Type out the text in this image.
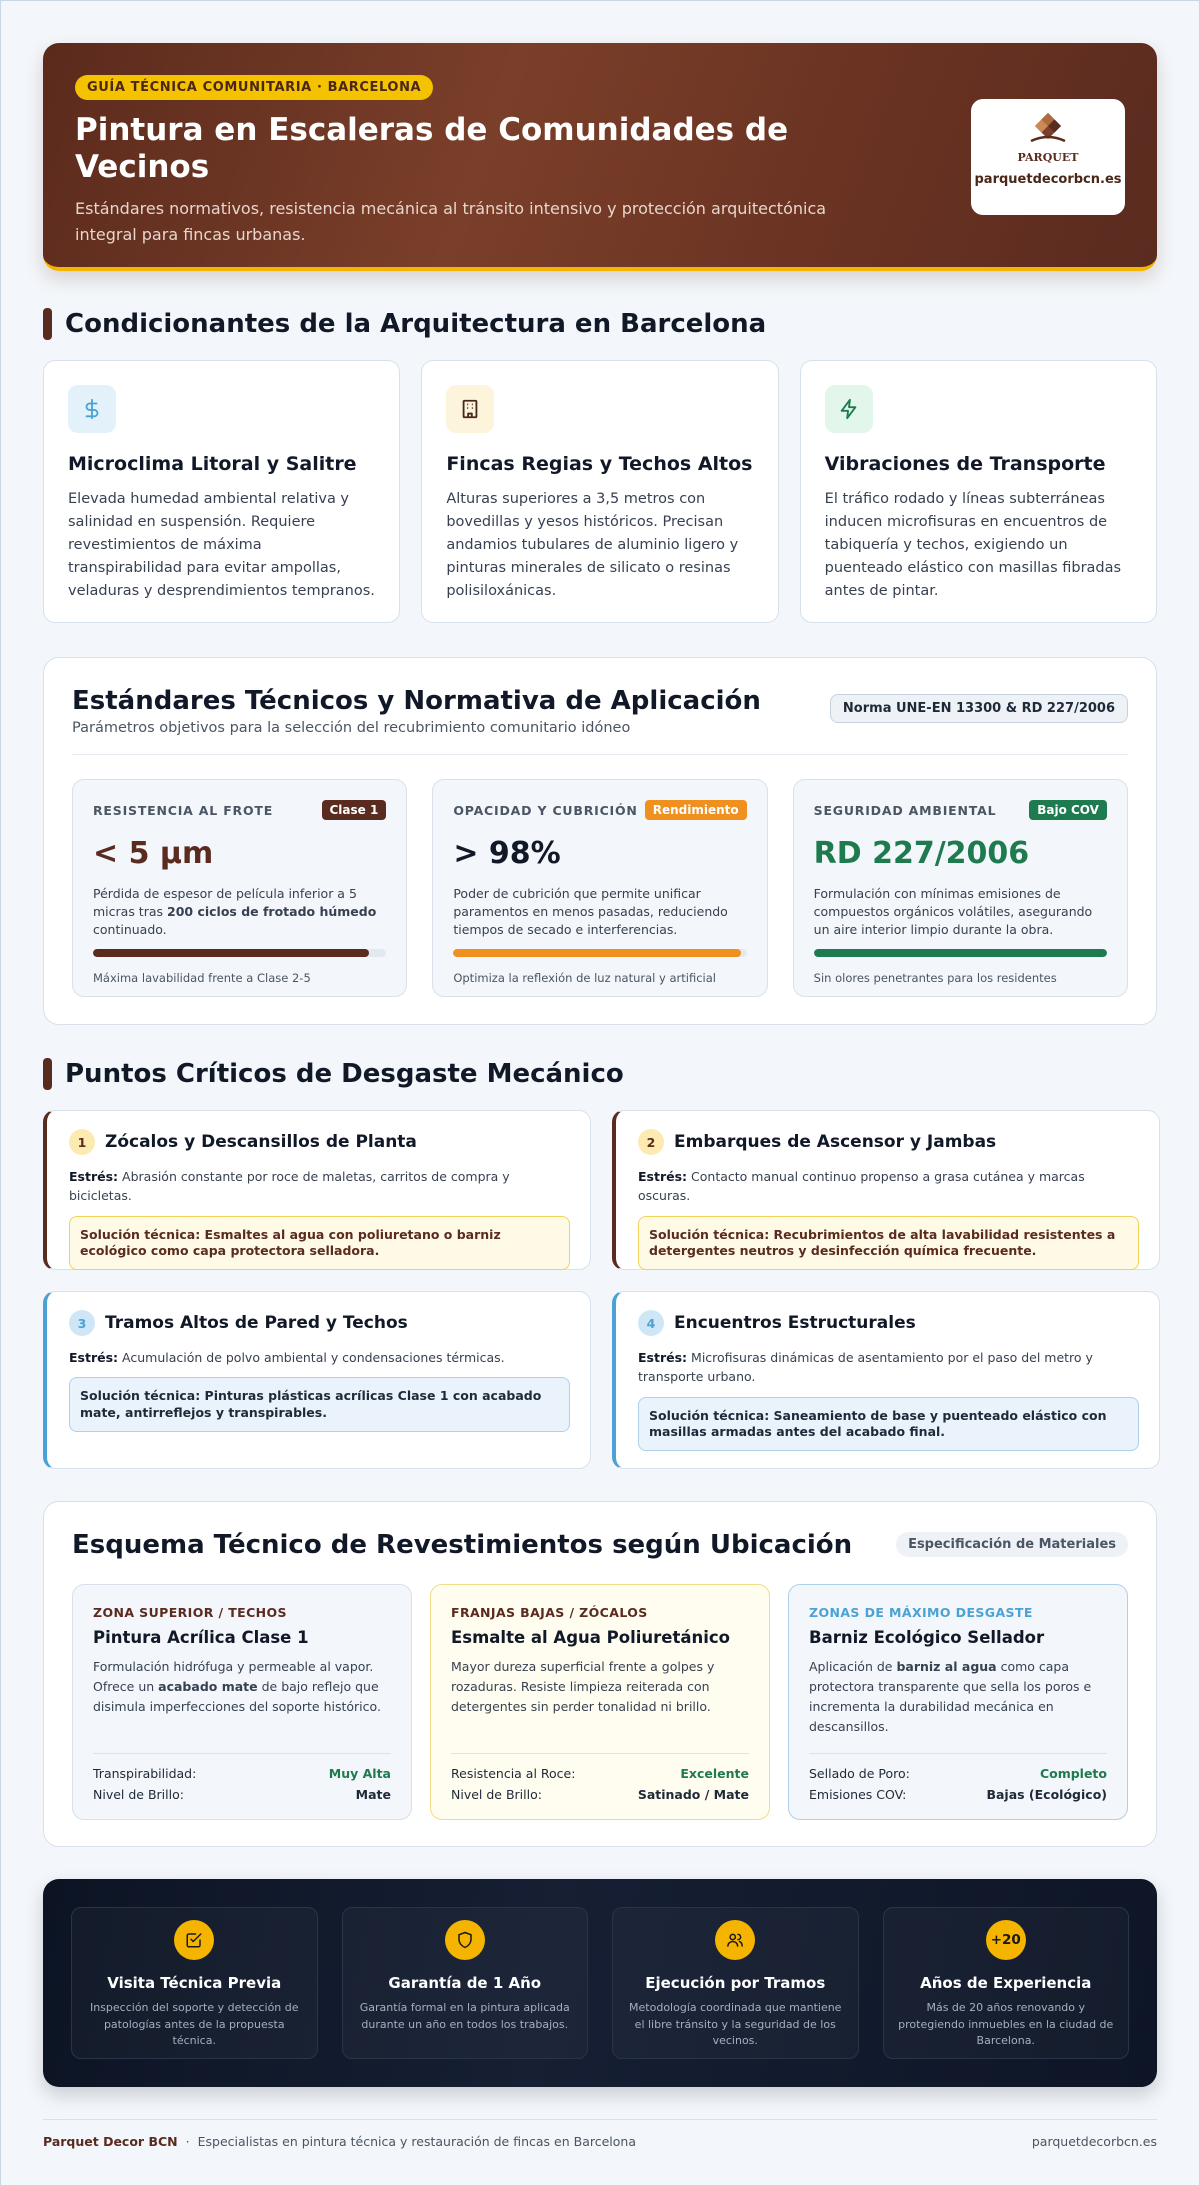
GUÍA TÉCNICA COMUNITARIA · BARCELONA
Pintura en Escaleras de Comunidades de Vecinos

Estándares normativos, resistencia mecánica al tránsito intensivo y protección arquitectónica integral para fincas urbanas.

PARQUET
parquetdecorbcn.es
Condicionantes de la Arquitectura en Barcelona
Microclima Litoral y Salitre

Elevada humedad ambiental relativa y salinidad en suspensión. Requiere revestimientos de máxima transpirabilidad para evitar ampollas, veladuras y desprendimientos tempranos.

Fincas Regias y Techos Altos

Alturas superiores a 3,5 metros con bovedillas y yesos históricos. Precisan andamios tubulares de aluminio ligero y pinturas minerales de silicato o resinas polisiloxánicas.

Vibraciones de Transporte

El tráfico rodado y líneas subterráneas inducen microfisuras en encuentros de tabiquería y techos, exigiendo un puenteado elástico con masillas fibradas antes de pintar.

Estándares Técnicos y Normativa de Aplicación
Parámetros objetivos para la selección del recubrimiento comunitario idóneo
Norma UNE-EN 13300 & RD 227/2006
RESISTENCIA AL FROTE	Clase 1
< 5 µm
Pérdida de espesor de película inferior a 5 micras tras 200 ciclos de frotado húmedo continuado.
Máxima lavabilidad frente a Clase 2-5
OPACIDAD Y CUBRICIÓN	Rendimiento
> 98%
Poder de cubrición que permite unificar paramentos en menos pasadas, reduciendo tiempos de secado e interferencias.
Optimiza la reflexión de luz natural y artificial
SEGURIDAD AMBIENTAL	Bajo COV
RD 227/2006
Formulación con mínimas emisiones de compuestos orgánicos volátiles, asegurando un aire interior limpio durante la obra.
Sin olores penetrantes para los residentes
Puntos Críticos de Desgaste Mecánico
1	Zócalos y Descansillos de Planta
Estrés: Abrasión constante por roce de maletas, carritos de compra y bicicletas.
Solución técnica: Esmaltes al agua con poliuretano o barniz ecológico como capa protectora selladora.
2	Embarques de Ascensor y Jambas
Estrés: Contacto manual continuo propenso a grasa cutánea y marcas oscuras.
Solución técnica: Recubrimientos de alta lavabilidad resistentes a detergentes neutros y desinfección química frecuente.
3	Tramos Altos de Pared y Techos
Estrés: Acumulación de polvo ambiental y condensaciones térmicas.
Solución técnica: Pinturas plásticas acrílicas Clase 1 con acabado mate, antirreflejos y transpirables.
4	Encuentros Estructurales
Estrés: Microfisuras dinámicas de asentamiento por el paso del metro y transporte urbano.
Solución técnica: Saneamiento de base y puenteado elástico con masillas armadas antes del acabado final.
Esquema Técnico de Revestimientos según Ubicación	Especificación de Materiales
ZONA SUPERIOR / TECHOS
Pintura Acrílica Clase 1
Formulación hidrófuga y permeable al vapor. Ofrece un acabado mate de bajo reflejo que disimula imperfecciones del soporte histórico.
Transpirabilidad:	Muy Alta
Nivel de Brillo:	Mate
FRANJAS BAJAS / ZÓCALOS
Esmalte al Agua Poliuretánico
Mayor dureza superficial frente a golpes y rozaduras. Resiste limpieza reiterada con detergentes sin perder tonalidad ni brillo.
Resistencia al Roce:	Excelente
Nivel de Brillo:	Satinado / Mate
ZONAS DE MÁXIMO DESGASTE
Barniz Ecológico Sellador
Aplicación de barniz al agua como capa protectora transparente que sella los poros e incrementa la durabilidad mecánica en descansillos.
Sellado de Poro:	Completo
Emisiones COV:	Bajas (Ecológico)
Visita Técnica Previa
Inspección del soporte y detección de patologías antes de la propuesta técnica.
Garantía de 1 Año
Garantía formal en la pintura aplicada durante un año en todos los trabajos.
Ejecución por Tramos
Metodología coordinada que mantiene el libre tránsito y la seguridad de los vecinos.
+20
Años de Experiencia
Más de 20 años renovando y protegiendo inmuebles en la ciudad de Barcelona.
Parquet Decor BCN · Especialistas en pintura técnica y restauración de fincas en Barcelona	parquetdecorbcn.es
